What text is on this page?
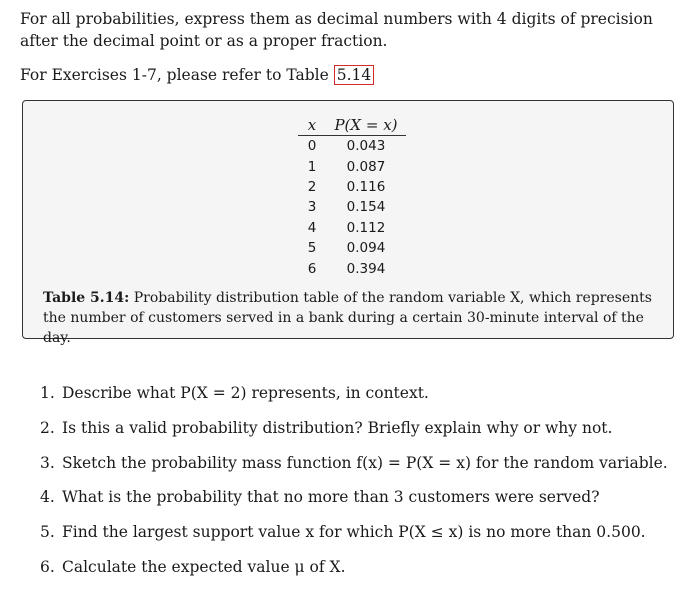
For all probabilities, express them as decimal numbers with 4 digits of precision after the decimal point or as a proper fraction.

For Exercises 1-7, please refer to Table 5.14
x	P(X = x)
0	0.043
1	0.087
2	0.116
3	0.154
4	0.112
5	0.094
6	0.394
Table 5.14: Probability distribution table of the random variable X, which represents the number of customers served in a bank during a certain 30-minute interval of the day.
1. Describe what P(X = 2) represents, in context.
2. Is this a valid probability distribution? Briefly explain why or why not.
3. Sketch the probability mass function f(x) = P(X = x) for the random variable.
4. What is the probability that no more than 3 customers were served?
5. Find the largest support value x for which P(X ≤ x) is no more than 0.500.
6. Calculate the expected value μ of X.
